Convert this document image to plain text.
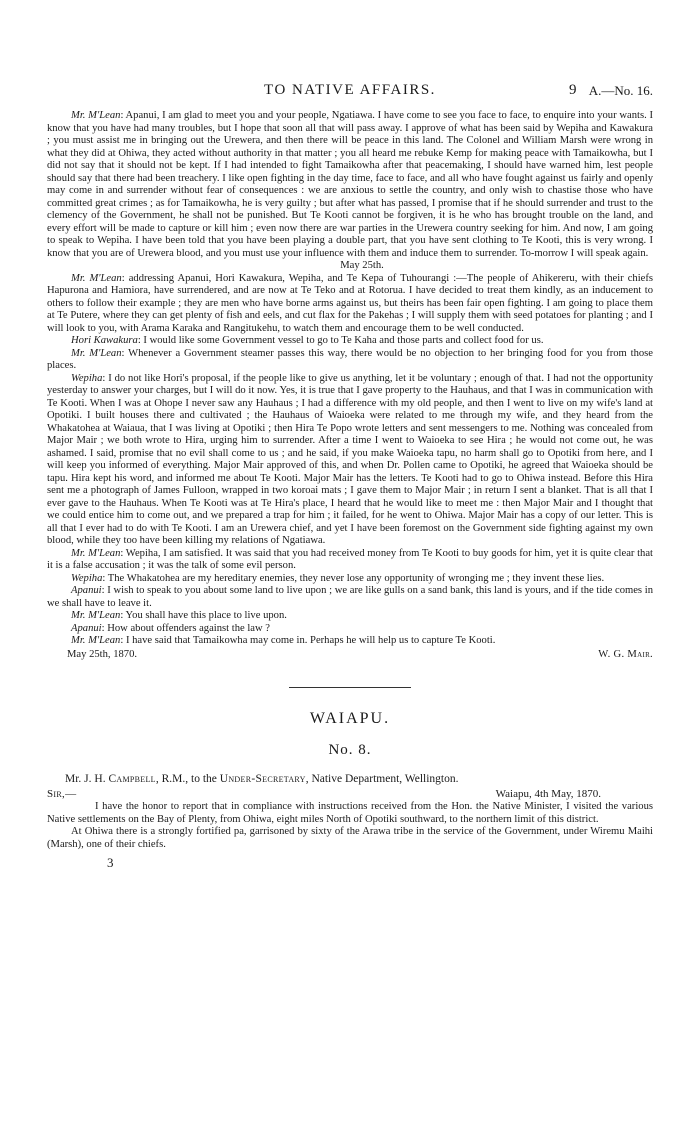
TO NATIVE AFFAIRS.	9 A.—No. 16.

Mr. M'Lean: Apanui, I am glad to meet you and your people, Ngatiawa. I have come to see you face to face, to enquire into your wants. I know that you have had many troubles, but I hope that soon all that will pass away. I approve of what has been said by Wepiha and Kawakura ; you must assist me in bringing out the Urewera, and then there will be peace in this land. The Colonel and William Marsh were wrong in what they did at Ohiwa, they acted without authority in that matter ; you all heard me rebuke Kemp for making peace with Tamaikowha, but I did not say that it should not be kept. If I had intended to fight Tamaikowha after that peacemaking, I should have warned him, lest people should say that there had been treachery. I like open fighting in the day time, face to face, and all who have fought against us fairly and openly may come in and surrender without fear of consequences : we are anxious to settle the country, and only wish to chastise those who have committed great crimes ; as for Tamaikowha, he is very guilty ; but after what has passed, I promise that if he should surrender and trust to the clemency of the Government, he shall not be punished. But Te Kooti cannot be forgiven, it is he who has brought trouble on the land, and every effort will be made to capture or kill him ; even now there are war parties in the Urewera country seeking for him. And now, I am going to speak to Wepiha. I have been told that you have been playing a double part, that you have sent clothing to Te Kooti, this is very wrong. I know that you are of Urewera blood, and you must use your influence with them and induce them to surrender. To-morrow I will speak again.

May 25th.

Mr. M'Lean: addressing Apanui, Hori Kawakura, Wepiha, and Te Kepa of Tuhourangi :—The people of Ahikereru, with their chiefs Hapurona and Hamiora, have surrendered, and are now at Te Teko and at Rotorua. I have decided to treat them kindly, as an inducement to others to follow their example ; they are men who have borne arms against us, but theirs has been fair open fighting. I am going to place them at Te Putere, where they can get plenty of fish and eels, and cut flax for the Pakehas ; I will supply them with seed potatoes for planting ; and I will look to you, with Arama Karaka and Rangitukehu, to watch them and encourage them to be well conducted.

Hori Kawakura: I would like some Government vessel to go to Te Kaha and those parts and collect food for us.

Mr. M'Lean: Whenever a Government steamer passes this way, there would be no objection to her bringing food for you from those places.

Wepiha: I do not like Hori's proposal, if the people like to give us anything, let it be voluntary ; enough of that. I had not the opportunity yesterday to answer your charges, but I will do it now. Yes, it is true that I gave property to the Hauhaus, and that I was in communication with Te Kooti. When I was at Ohope I never saw any Hauhaus ; I had a difference with my old people, and then I went to live on my wife's land at Opotiki. I built houses there and cultivated ; the Hauhaus of Waioeka were related to me through my wife, and they heard from the Whakatohea at Waiaua, that I was living at Opotiki ; then Hira Te Popo wrote letters and sent messengers to me. Nothing was concealed from Major Mair ; we both wrote to Hira, urging him to surrender. After a time I went to Waioeka to see Hira ; he would not come out, he was ashamed. I said, promise that no evil shall come to us ; and he said, if you make Waioeka tapu, no harm shall go to Opotiki from here, and I will keep you informed of everything. Major Mair approved of this, and when Dr. Pollen came to Opotiki, he agreed that Waioeka should be tapu. Hira kept his word, and informed me about Te Kooti. Major Mair has the letters. Te Kooti had to go to Ohiwa instead. Before this Hira sent me a photograph of James Fulloon, wrapped in two koroai mats ; I gave them to Major Mair ; in return I sent a blanket. That is all that I ever gave to the Hauhaus. When Te Kooti was at Te Hira's place, I heard that he would like to meet me : then Major Mair and I thought that we could entice him to come out, and we prepared a trap for him ; it failed, for he went to Ohiwa. Major Mair has a copy of our letter. This is all that I ever had to do with Te Kooti. I am an Urewera chief, and yet I have been foremost on the Government side fighting against my own blood, while they too have been killing my relations of Ngatiawa.

Mr. M'Lean: Wepiha, I am satisfied. It was said that you had received money from Te Kooti to buy goods for him, yet it is quite clear that it is a false accusation ; it was the talk of some evil person.

Wepiha: The Whakatohea are my hereditary enemies, they never lose any opportunity of wronging me ; they invent these lies.

Apanui: I wish to speak to you about some land to live upon ; we are like gulls on a sand bank, this land is yours, and if the tide comes in we shall have to leave it.

Mr. M'Lean: You shall have this place to live upon.

Apanui: How about offenders against the law ?

Mr. M'Lean: I have said that Tamaikowha may come in. Perhaps he will help us to capture Te Kooti.

May 25th, 1870.	W. G. Mair.
WAIAPU.
No. 8.
Mr. J. H. Campbell, R.M., to the Under-Secretary, Native Department, Wellington.
Sir,—	Waiapu, 4th May, 1870.

I have the honor to report that in compliance with instructions received from the Hon. the Native Minister, I visited the various Native settlements on the Bay of Plenty, from Ohiwa, eight miles North of Opotiki southward, to the northern limit of this district.

At Ohiwa there is a strongly fortified pa, garrisoned by sixty of the Arawa tribe in the service of the Government, under Wiremu Maihi (Marsh), one of their chiefs.

3
